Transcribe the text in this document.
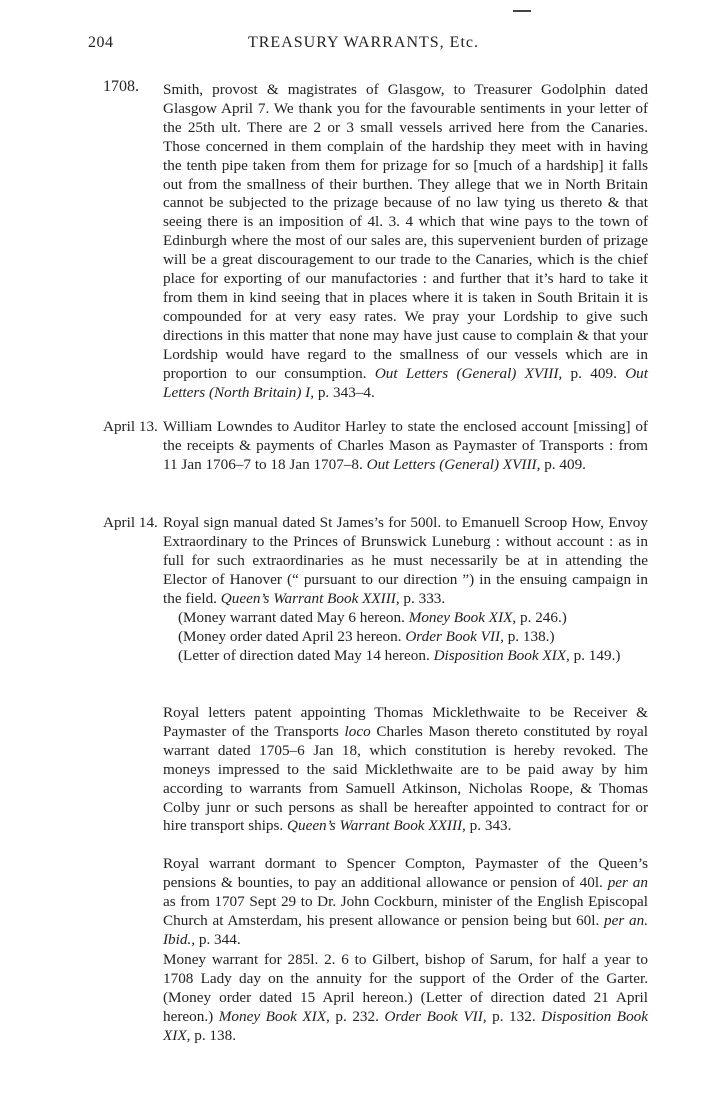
204	TREASURY WARRANTS, Etc.
1708. Smith, provost & magistrates of Glasgow, to Treasurer Godolphin dated Glasgow April 7. We thank you for the favourable sentiments in your letter of the 25th ult. There are 2 or 3 small vessels arrived here from the Canaries. Those concerned in them complain of the hardship they meet with in having the tenth pipe taken from them for prizage for so [much of a hardship] it falls out from the smallness of their burthen. They allege that we in North Britain cannot be subjected to the prizage because of no law tying us thereto & that seeing there is an imposition of 4l. 3. 4 which that wine pays to the town of Edinburgh where the most of our sales are, this supervenient burden of prizage will be a great discouragement to our trade to the Canaries, which is the chief place for exporting of our manufactories : and further that it’s hard to take it from them in kind seeing that in places where it is taken in South Britain it is compounded for at very easy rates. We pray your Lordship to give such directions in this matter that none may have just cause to complain & that your Lordship would have regard to the smallness of our vessels which are in proportion to our consumption. Out Letters (General) XVIII, p. 409. Out Letters (North Britain) I, p. 343–4.

April 13. William Lowndes to Auditor Harley to state the enclosed account [missing] of the receipts & payments of Charles Mason as Paymaster of Transports : from 11 Jan 1706–7 to 18 Jan 1707–8. Out Letters (General) XVIII, p. 409.

April 14. Royal sign manual dated St James’s for 500l. to Emanuell Scroop How, Envoy Extraordinary to the Princes of Brunswick Luneburg : without account : as in full for such extraordinaries as he must necessarily be at in attending the Elector of Hanover (“ pursuant to our direction ”) in the ensuing campaign in the field. Queen’s Warrant Book XXIII, p. 333.

(Money warrant dated May 6 hereon. Money Book XIX, p. 246.)

(Money order dated April 23 hereon. Order Book VII, p. 138.)

(Letter of direction dated May 14 hereon. Disposition Book XIX, p. 149.)

Royal letters patent appointing Thomas Micklethwaite to be Receiver & Paymaster of the Transports loco Charles Mason thereto constituted by royal warrant dated 1705–6 Jan 18, which constitution is hereby revoked. The moneys impressed to the said Micklethwaite are to be paid away by him according to warrants from Samuell Atkinson, Nicholas Roope, & Thomas Colby junr or such persons as shall be hereafter appointed to contract for or hire transport ships. Queen’s Warrant Book XXIII, p. 343.

Royal warrant dormant to Spencer Compton, Paymaster of the Queen’s pensions & bounties, to pay an additional allowance or pension of 40l. per an as from 1707 Sept 29 to Dr. John Cockburn, minister of the English Episcopal Church at Amsterdam, his present allowance or pension being but 60l. per an. Ibid., p. 344.

Money warrant for 285l. 2. 6 to Gilbert, bishop of Sarum, for half a year to 1708 Lady day on the annuity for the support of the Order of the Garter. (Money order dated 15 April hereon.) (Letter of direction dated 21 April hereon.) Money Book XIX, p. 232. Order Book VII, p. 132. Disposition Book XIX, p. 138.
